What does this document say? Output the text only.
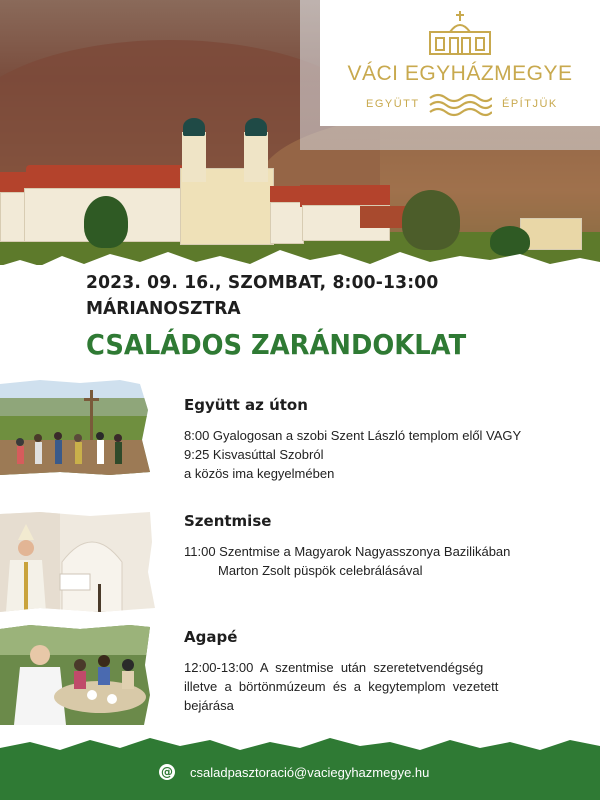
VÁCI EGYHÁZMEGYE
EGYÜTT	ÉPÍTJÜK
2023. 09. 16., SZOMBAT, 8:00-13:00
MÁRIANOSZTRA
CSALÁDOS ZARÁNDOKLAT
Együtt az úton
8:00 Gyalogosan a szobi Szent László templom elől VAGY
9:25 Kisvasúttal Szobról
a közös ima kegyelmében
Szentmise
11:00 Szentmise a Magyarok Nagyasszonya Bazilikában
Marton Zsolt püspök celebrálásával
Agapé
12:00-13:00  A  szentmise  után  szeretetvendégség
illetve  a  börtönmúzeum  és  a  kegytemplom  vezetett
bejárása
@ csaladpasztoració@vaciegyhazmegye.hu
